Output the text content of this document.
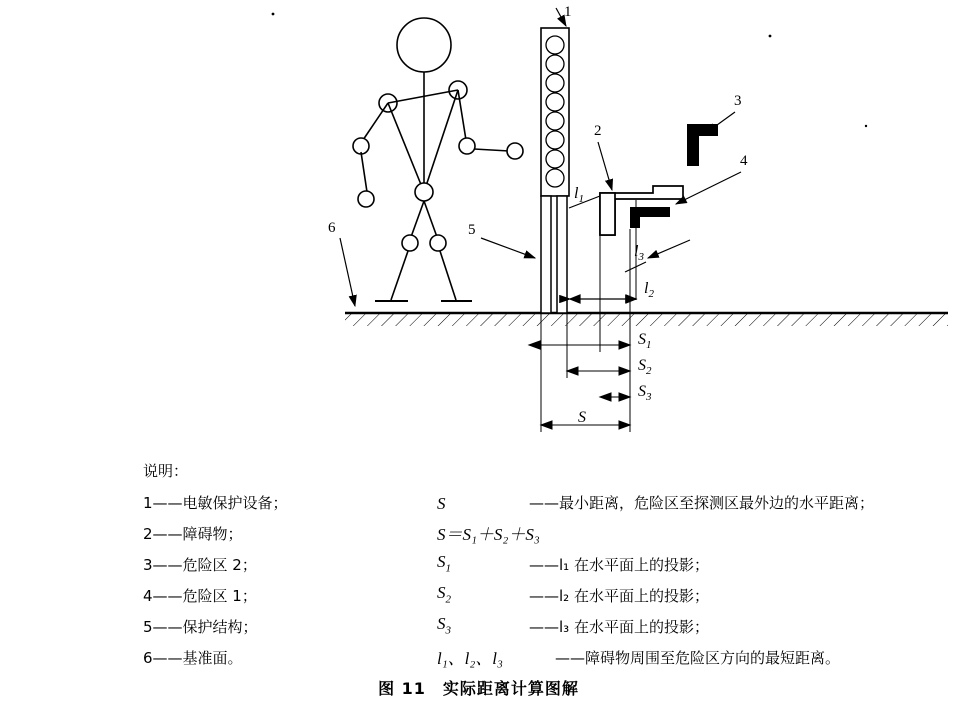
1
2
3
4
5
6
$l_1$
$l_3$
$l_2$
$S_1$
$S_2$
$S_3$
S
说明：
1——电敏保护设备；
2——障碍物；
3——危险区 2；
4——危险区 1；
5——保护结构；
6——基准面。
S	——最小距离，危险区至探测区最外边的水平距离；
S＝S₁＋S₂＋S₃
$S_1$	——l₁ 在水平面上的投影；
$S_2$	——l₂ 在水平面上的投影；
$S_3$	——l₃ 在水平面上的投影；
l₁、l₂、l₃	——障碍物周围至危险区方向的最短距离。
图 11　实际距离计算图解
